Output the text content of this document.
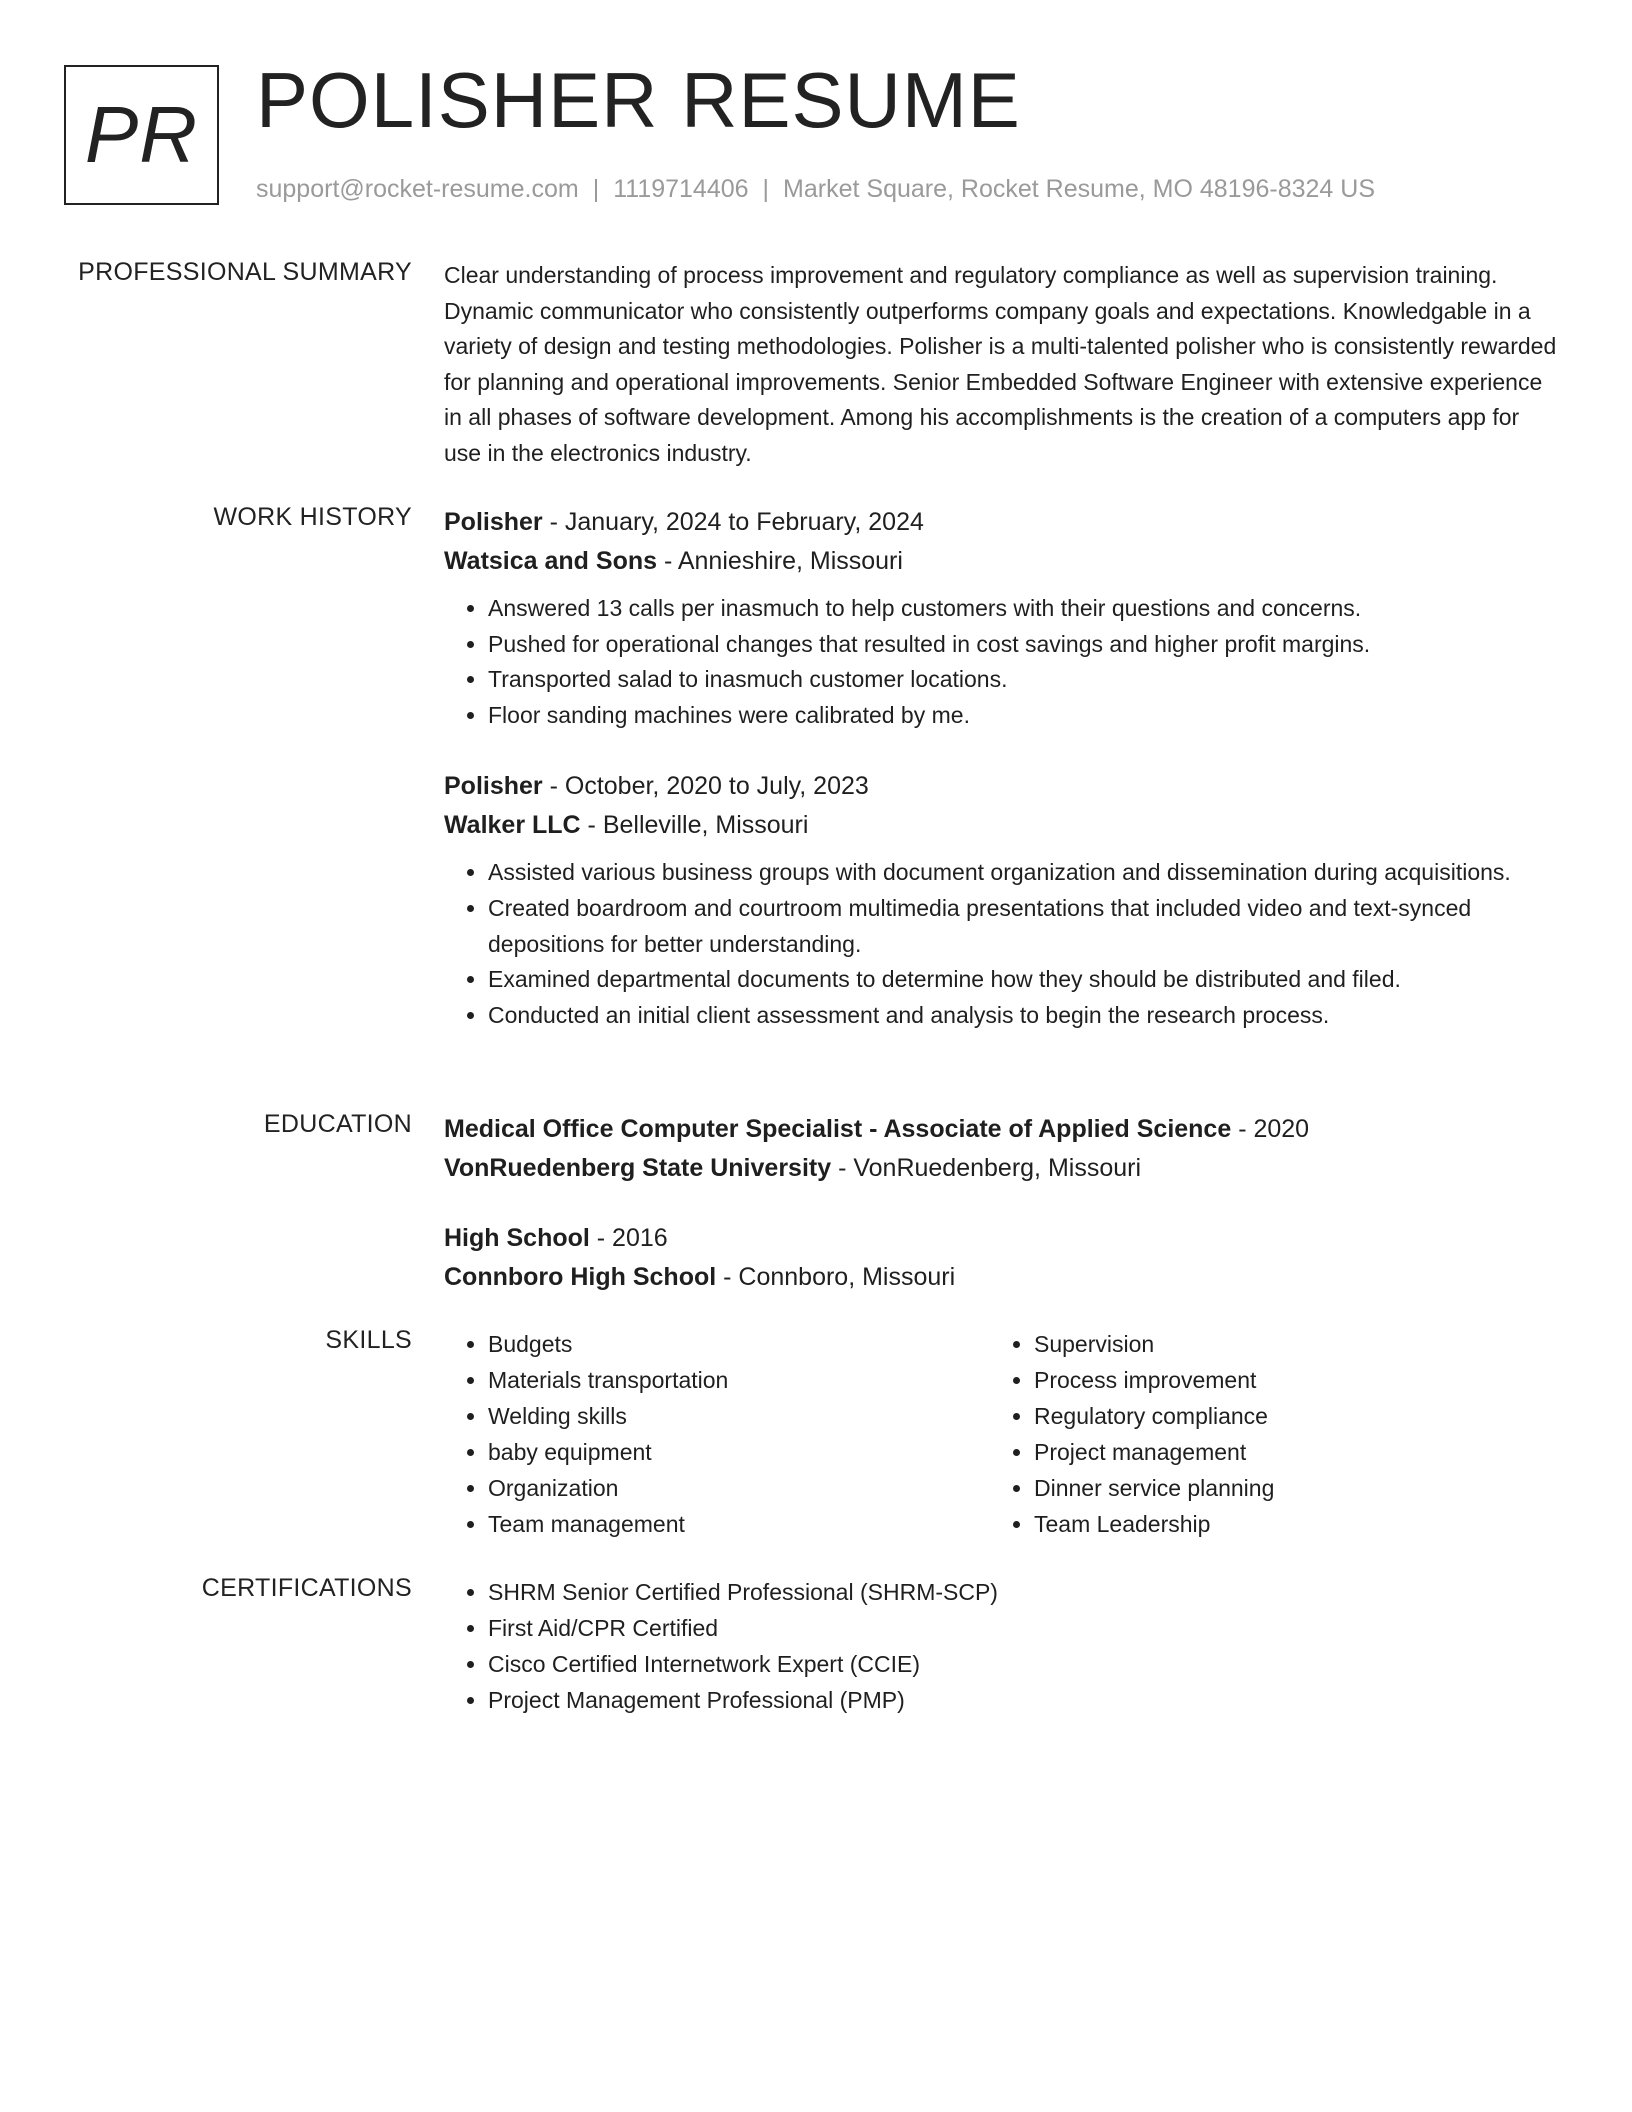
PR POLISHER RESUME
support@rocket-resume.com | 1119714406 | Market Square, Rocket Resume, MO 48196-8324 US
PROFESSIONAL SUMMARY Clear understanding of process improvement and regulatory compliance as well as supervision training. Dynamic communicator who consistently outperforms company goals and expectations. Knowledgable in a variety of design and testing methodologies. Polisher is a multi-talented polisher who is consistently rewarded for planning and operational improvements. Senior Embedded Software Engineer with extensive experience in all phases of software development. Among his accomplishments is the creation of a computers app for use in the electronics industry.

WORK HISTORY Polisher - January, 2024 to February, 2024
Watsica and Sons - Annieshire, Missouri
• Answered 13 calls per inasmuch to help customers with their questions and concerns.
• Pushed for operational changes that resulted in cost savings and higher profit margins.
• Transported salad to inasmuch customer locations.
• Floor sanding machines were calibrated by me.
Polisher - October, 2020 to July, 2023
Walker LLC - Belleville, Missouri
• Assisted various business groups with document organization and dissemination during acquisitions.
• Created boardroom and courtroom multimedia presentations that included video and text-synced depositions for better understanding.
• Examined departmental documents to determine how they should be distributed and filed.
• Conducted an initial client assessment and analysis to begin the research process.
EDUCATION Medical Office Computer Specialist - Associate of Applied Science - 2020
VonRuedenberg State University - VonRuedenberg, Missouri
High School - 2016
Connboro High School - Connboro, Missouri
SKILLS	• Budgets
• Materials transportation
• Welding skills
• baby equipment
• Organization
• Team management
• Supervision
• Process improvement
• Regulatory compliance
• Project management
• Dinner service planning
• Team Leadership
CERTIFICATIONS	• SHRM Senior Certified Professional (SHRM-SCP)
• First Aid/CPR Certified
• Cisco Certified Internetwork Expert (CCIE)
• Project Management Professional (PMP)
